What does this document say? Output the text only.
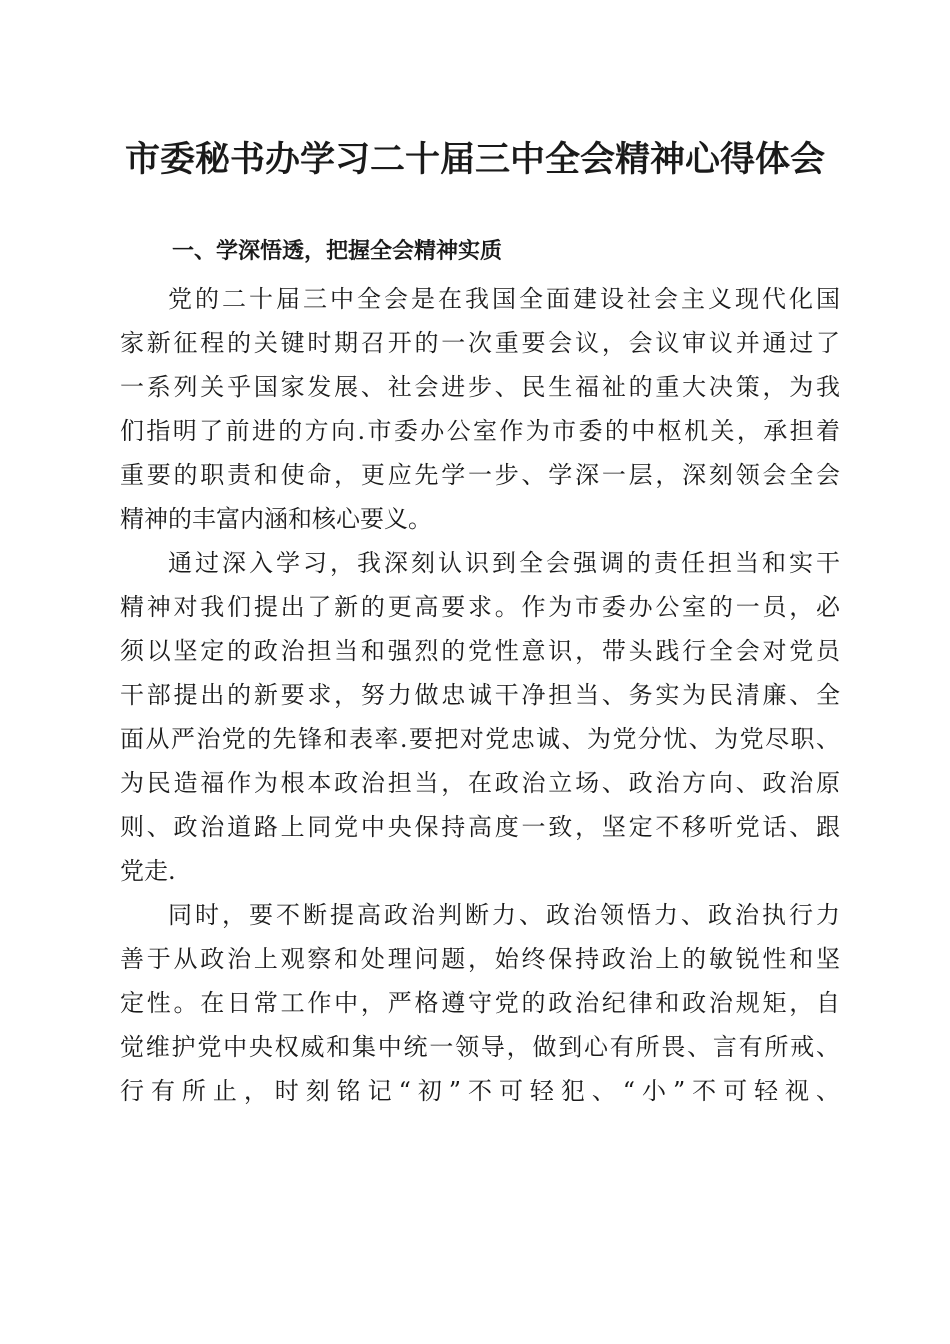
市委秘书办学习二十届三中全会精神心得体会
一、学深悟透，把握全会精神实质
党的二十届三中全会是在我国全面建设社会主义现代化国
家新征程的关键时期召开的一次重要会议，会议审议并通过了
一系列关乎国家发展、社会进步、民生福祉的重大决策，为我
们指明了前进的方向.市委办公室作为市委的中枢机关，承担着
重要的职责和使命，更应先学一步、学深一层，深刻领会全会
精神的丰富内涵和核心要义。
通过深入学习，我深刻认识到全会强调的责任担当和实干
精神对我们提出了新的更高要求。作为市委办公室的一员，必
须以坚定的政治担当和强烈的党性意识，带头践行全会对党员
干部提出的新要求，努力做忠诚干净担当、务实为民清廉、全
面从严治党的先锋和表率.要把对党忠诚、为党分忧、为党尽职、
为民造福作为根本政治担当，在政治立场、政治方向、政治原
则、政治道路上同党中央保持高度一致，坚定不移听党话、跟
党走.
同时，要不断提高政治判断力、政治领悟力、政治执行力
善于从政治上观察和处理问题，始终保持政治上的敏锐性和坚
定性。在日常工作中，严格遵守党的政治纪律和政治规矩，自
觉维护党中央权威和集中统一领导，做到心有所畏、言有所戒、
行有所止，时刻铭记“初”不可轻犯、“小”不可轻视、
